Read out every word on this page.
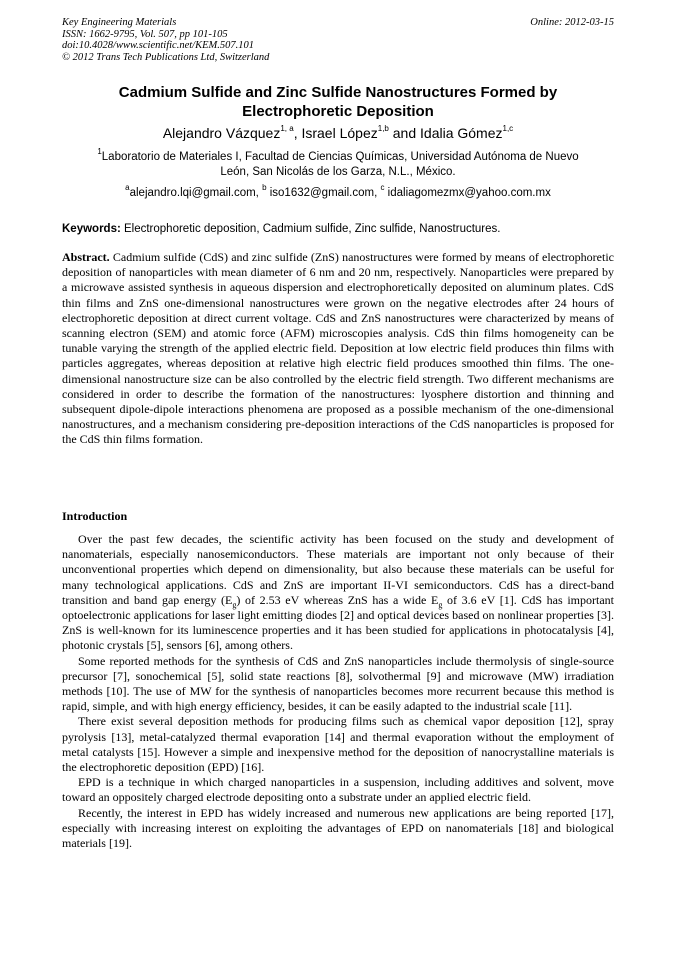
Key Engineering Materials
ISSN: 1662-9795, Vol. 507, pp 101-105
doi:10.4028/www.scientific.net/KEM.507.101
© 2012 Trans Tech Publications Ltd, Switzerland
Online: 2012-03-15
Cadmium Sulfide and Zinc Sulfide Nanostructures Formed by
Electrophoretic Deposition
Alejandro Vázquez$^{1, a}$, Israel López$^{1,b}$ and Idalia Gómez$^{1,c}$
$^1$Laboratorio de Materiales I, Facultad de Ciencias Químicas, Universidad Autónoma de Nuevo
León, San Nicolás de los Garza, N.L., México.
$^a$alejandro.lqi@gmail.com, $^b$ iso1632@gmail.com, $^c$ idaliagomezmx@yahoo.com.mx
Keywords: Electrophoretic deposition, Cadmium sulfide, Zinc sulfide, Nanostructures.
Abstract. Cadmium sulfide (CdS) and zinc sulfide (ZnS) nanostructures were formed by means of electrophoretic deposition of nanoparticles with mean diameter of 6 nm and 20 nm, respectively. Nanoparticles were prepared by a microwave assisted synthesis in aqueous dispersion and electrophoretically deposited on aluminum plates. CdS thin films and ZnS one-dimensional nanostructures were grown on the negative electrodes after 24 hours of electrophoretic deposition at direct current voltage. CdS and ZnS nanostructures were characterized by means of scanning electron (SEM) and atomic force (AFM) microscopies analysis. CdS thin films homogeneity can be tunable varying the strength of the applied electric field. Deposition at low electric field produces thin films with particles aggregates, whereas deposition at relative high electric field produces smoothed thin films. The one-dimensional nanostructure size can be also controlled by the electric field strength. Two different mechanisms are considered in order to describe the formation of the nanostructures: lyosphere distortion and thinning and subsequent dipole-dipole interactions phenomena are proposed as a possible mechanism of the one-dimensional nanostructures, and a mechanism considering pre-deposition interactions of the CdS nanoparticles is proposed for the CdS thin films formation.
Introduction

Over the past few decades, the scientific activity has been focused on the study and development of nanomaterials, especially nanosemiconductors. These materials are important not only because of their unconventional properties which depend on dimensionality, but also because these materials can be useful for many technological applications. CdS and ZnS are important II-VI semiconductors. CdS has a direct-band transition and band gap energy $(E_g)$ of 2.53 eV whereas ZnS has a wide $E_g$ of 3.6 eV [1]. CdS has important optoelectronic applications for laser light emitting diodes [2] and optical devices based on nonlinear properties [3]. ZnS is well-known for its luminescence properties and it has been studied for applications in photocatalysis [4], photonic crystals [5], sensors [6], among others.

Some reported methods for the synthesis of CdS and ZnS nanoparticles include thermolysis of single-source precursor [7], sonochemical [5], solid state reactions [8], solvothermal [9] and microwave (MW) irradiation methods [10]. The use of MW for the synthesis of nanoparticles becomes more recurrent because this method is rapid, simple, and with high energy efficiency, besides, it can be easily adapted to the industrial scale [11].

There exist several deposition methods for producing films such as chemical vapor deposition [12], spray pyrolysis [13], metal-catalyzed thermal evaporation [14] and thermal evaporation without the employment of metal catalysts [15]. However a simple and inexpensive method for the deposition of nanocrystalline materials is the electrophoretic deposition (EPD) [16].

EPD is a technique in which charged nanoparticles in a suspension, including additives and solvent, move toward an oppositely charged electrode depositing onto a substrate under an applied electric field.

Recently, the interest in EPD has widely increased and numerous new applications are being reported [17], especially with increasing interest on exploiting the advantages of EPD on nanomaterials [18] and biological materials [19].
